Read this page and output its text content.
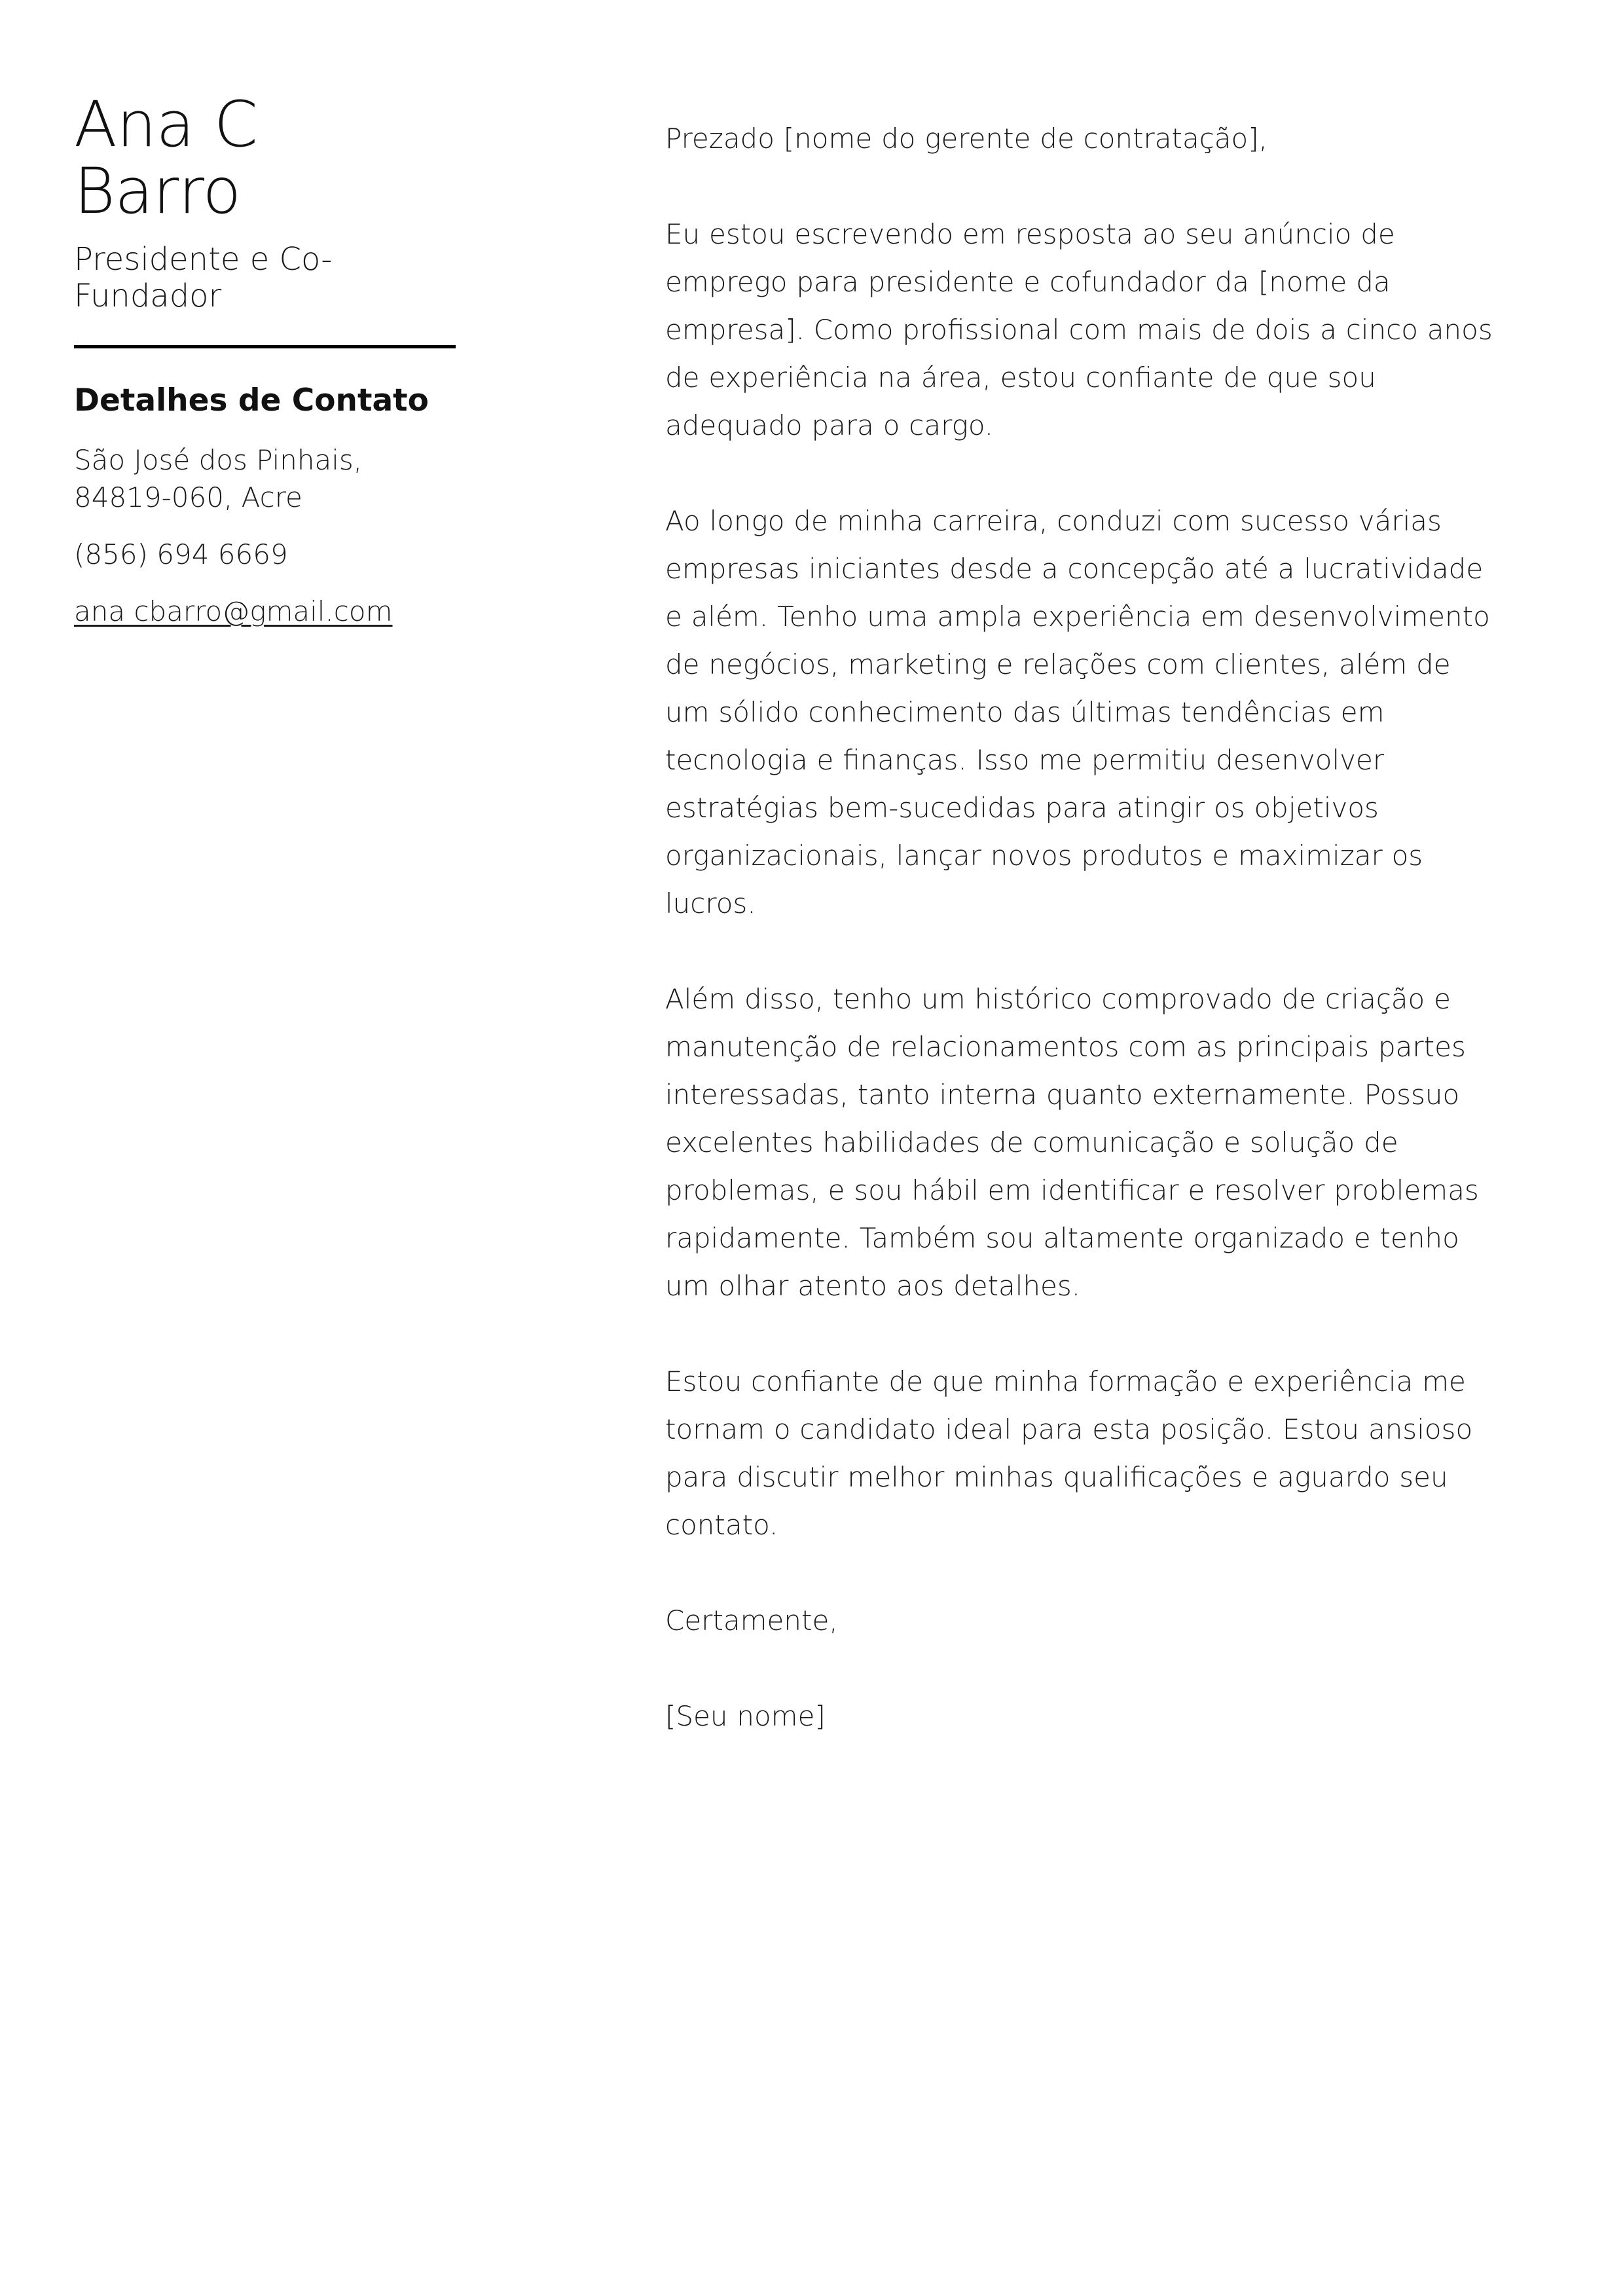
Ana C
Barro
Presidente e Co-Fundador
Detalhes de Contato
São José dos Pinhais, 84819-060, Acre
(856) 694 6669
ana cbarro@gmail.com

Prezado [nome do gerente de contratação],

Eu estou escrevendo em resposta ao seu anúncio de emprego para presidente e cofundador da [nome da empresa]. Como profissional com mais de dois a cinco anos de experiência na área, estou confiante de que sou adequado para o cargo.

Ao longo de minha carreira, conduzi com sucesso várias empresas iniciantes desde a concepção até a lucratividade e além. Tenho uma ampla experiência em desenvolvimento de negócios, marketing e relações com clientes, além de um sólido conhecimento das últimas tendências em tecnologia e finanças. Isso me permitiu desenvolver estratégias bem-sucedidas para atingir os objetivos organizacionais, lançar novos produtos e maximizar os lucros.

Além disso, tenho um histórico comprovado de criação e manutenção de relacionamentos com as principais partes interessadas, tanto interna quanto externamente. Possuo excelentes habilidades de comunicação e solução de problemas, e sou hábil em identificar e resolver problemas rapidamente. Também sou altamente organizado e tenho um olhar atento aos detalhes.

Estou confiante de que minha formação e experiência me tornam o candidato ideal para esta posição. Estou ansioso para discutir melhor minhas qualificações e aguardo seu contato.

Certamente,

[Seu nome]
